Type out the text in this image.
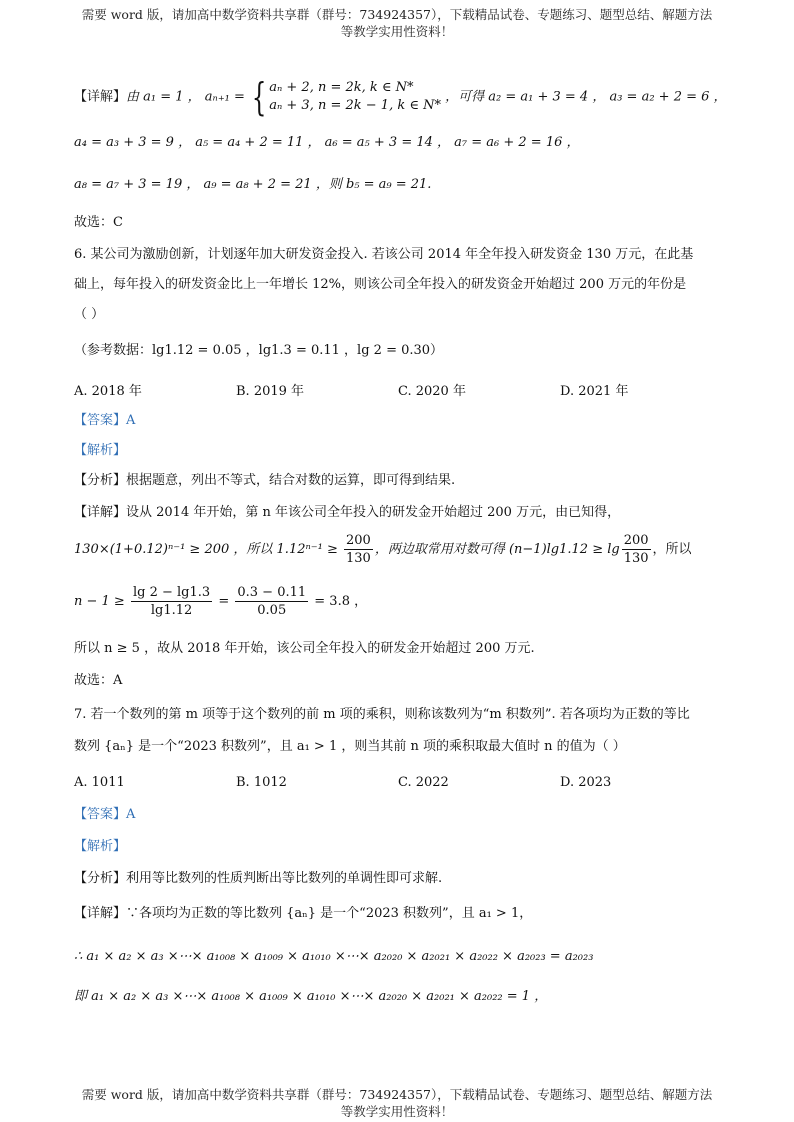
需要 word 版，请加高中数学资料共享群（群号：734924357），下载精品试卷、专题练习、题型总结、解题方法
等教学实用性资料！
【详解】由 a₁ = 1 ， aₙ₊₁ = { aₙ + 2, n = 2k, k ∈ N*
aₙ + 3, n = 2k − 1, k ∈ N*
，可得 a₂ = a₁ + 3 = 4 ， a₃ = a₂ + 2 = 6 ，
a₄ = a₃ + 3 = 9 ， a₅ = a₄ + 2 = 11 ， a₆ = a₅ + 3 = 14 ， a₇ = a₆ + 2 = 16 ，
a₈ = a₇ + 3 = 19 ， a₉ = a₈ + 2 = 21 ，则 b₅ = a₉ = 21.
故选：C
6. 某公司为激励创新，计划逐年加大研发资金投入. 若该公司 2014 年全年投入研发资金 130 万元，在此基
础上，每年投入的研发资金比上一年增长 12%，则该公司全年投入的研发资金开始超过 200 万元的年份是
（ ）
（参考数据：lg1.12 = 0.05 ，lg1.3 = 0.11 ，lg 2 = 0.30）
A. 2018 年	B. 2019 年	C. 2020 年	D. 2021 年
【答案】A
【解析】
【分析】根据题意，列出不等式，结合对数的运算，即可得到结果.
【详解】设从 2014 年开始，第 n 年该公司全年投入的研发金开始超过 200 万元，由已知得，
130×(1+0.12)ⁿ⁻¹ ≥ 200 ，所以 $1.12^{n-1} \ge \frac{200}{130}$ ，两边取常用对数可得 $(n-1)\lg 1.12 \ge \lg \frac{200}{130}$ ，所以
$n - 1 \ge \frac{\lg 2 - \lg 1.3}{\lg 1.12} = \frac{0.3 - 0.11}{0.05} = 3.8$ ，
所以 n ≥ 5 ，故从 2018 年开始，该公司全年投入的研发金开始超过 200 万元.
故选：A
7. 若一个数列的第 m 项等于这个数列的前 m 项的乘积，则称该数列为“m 积数列”. 若各项均为正数的等比
数列 {aₙ} 是一个“2023 积数列”，且 a₁ > 1 ，则当其前 n 项的乘积取最大值时 n 的值为（ ）
A. 1011	B. 1012	C. 2022	D. 2023
【答案】A
【解析】
【分析】利用等比数列的性质判断出等比数列的单调性即可求解.
【详解】∵各项均为正数的等比数列 {aₙ} 是一个“2023 积数列”，且 a₁ > 1，
∴ a₁ × a₂ × a₃ ×⋯× a₁₀₀₈ × a₁₀₀₉ × a₁₀₁₀ ×⋯× a₂₀₂₀ × a₂₀₂₁ × a₂₀₂₂ × a₂₀₂₃ = a₂₀₂₃
即 a₁ × a₂ × a₃ ×⋯× a₁₀₀₈ × a₁₀₀₉ × a₁₀₁₀ ×⋯× a₂₀₂₀ × a₂₀₂₁ × a₂₀₂₂ = 1 ，
需要 word 版，请加高中数学资料共享群（群号：734924357），下载精品试卷、专题练习、题型总结、解题方法
等教学实用性资料！
